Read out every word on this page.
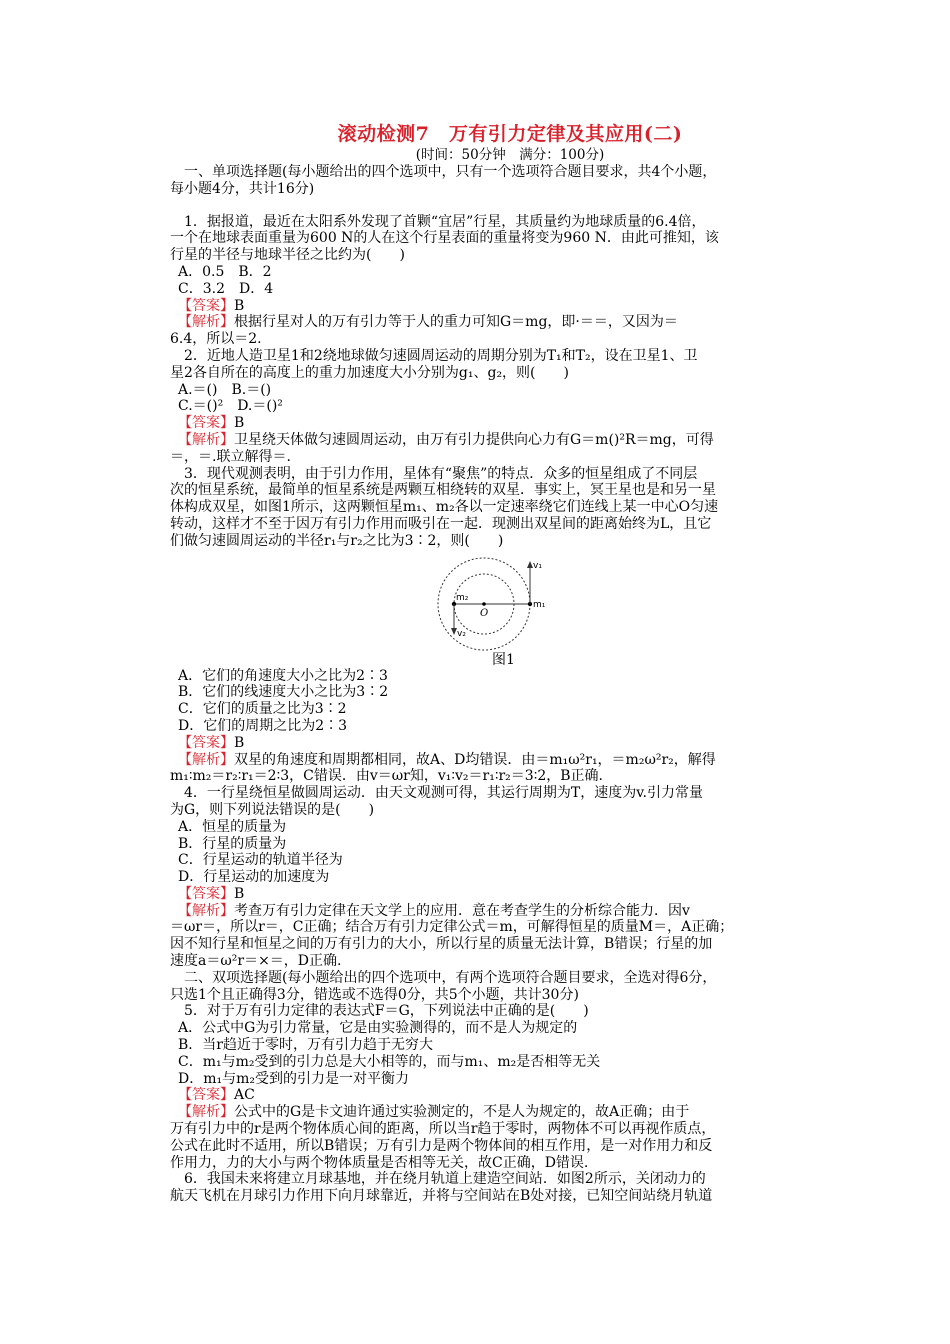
滚动检测7　万有引力定律及其应用(二)
(时间：50分钟　满分：100分)
　一、单项选择题(每小题给出的四个选项中，只有一个选项符合题目要求，共4个小题，
每小题4分，共计16分)
　1．据报道，最近在太阳系外发现了首颗“宜居”行星，其质量约为地球质量的6.4倍，
一个在地球表面重量为600 N的人在这个行星表面的重量将变为960 N．由此可推知，该
行星的半径与地球半径之比约为(　　)
A．0.5　B．2
C．3.2　D．4
【答案】B
【解析】根据行星对人的万有引力等于人的重力可知G＝mg，即·＝＝，又因为＝
6.4，所以＝2.
　2．近地人造卫星1和2绕地球做匀速圆周运动的周期分别为T₁和T₂，设在卫星1、卫
星2各自所在的高度上的重力加速度大小分别为g₁、g₂，则(　　)
A.＝()　B.＝()
C.＝()²　D.＝()²
【答案】B
【解析】卫星绕天体做匀速圆周运动，由万有引力提供向心力有G＝m()²R＝mg，可得
＝，＝.联立解得＝.
　3．现代观测表明，由于引力作用，星体有“聚焦”的特点．众多的恒星组成了不同层
次的恒星系统，最简单的恒星系统是两颗互相绕转的双星．事实上，冥王星也是和另一星
体构成双星，如图1所示，这两颗恒星m₁、m₂各以一定速率绕它们连线上某一中心O匀速
转动，这样才不至于因万有引力作用而吸引在一起．现测出双星间的距离始终为L，且它
们做匀速圆周运动的半径r₁与r₂之比为3∶2，则(　　)
v₁
m₂
O
m₁
v₂
图1
A．它们的角速度大小之比为2∶3
B．它们的线速度大小之比为3∶2
C．它们的质量之比为3∶2
D．它们的周期之比为2∶3
【答案】B
【解析】双星的角速度和周期都相同，故A、D均错误．由＝m₁ω²r₁，＝m₂ω²r₂，解得
m₁∶m₂＝r₂∶r₁＝2∶3，C错误．由v＝ωr知，v₁∶v₂＝r₁∶r₂＝3∶2，B正确.
　4．一行星绕恒星做圆周运动．由天文观测可得，其运行周期为T，速度为v.引力常量
为G，则下列说法错误的是(　　)
A．恒星的质量为
B．行星的质量为
C．行星运动的轨道半径为
D．行星运动的加速度为
【答案】B
【解析】考查万有引力定律在天文学上的应用．意在考查学生的分析综合能力．因v
＝ωr＝，所以r＝，C正确；结合万有引力定律公式＝m，可解得恒星的质量M＝，A正确；
因不知行星和恒星之间的万有引力的大小，所以行星的质量无法计算，B错误；行星的加
速度a＝ω²r＝×＝，D正确.
　二、双项选择题(每小题给出的四个选项中，有两个选项符合题目要求，全选对得6分，
只选1个且正确得3分，错选或不选得0分，共5个小题，共计30分)
　5．对于万有引力定律的表达式F＝G，下列说法中正确的是(　　)
A．公式中G为引力常量，它是由实验测得的，而不是人为规定的
B．当r趋近于零时，万有引力趋于无穷大
C．m₁与m₂受到的引力总是大小相等的，而与m₁、m₂是否相等无关
D．m₁与m₂受到的引力是一对平衡力
【答案】AC
【解析】公式中的G是卡文迪许通过实验测定的，不是人为规定的，故A正确；由于
万有引力中的r是两个物体质心间的距离，所以当r趋于零时，两物体不可以再视作质点，
公式在此时不适用，所以B错误；万有引力是两个物体间的相互作用，是一对作用力和反
作用力，力的大小与两个物体质量是否相等无关，故C正确，D错误.
　6．我国未来将建立月球基地，并在绕月轨道上建造空间站．如图2所示，关闭动力的
航天飞机在月球引力作用下向月球靠近，并将与空间站在B处对接，已知空间站绕月轨道
